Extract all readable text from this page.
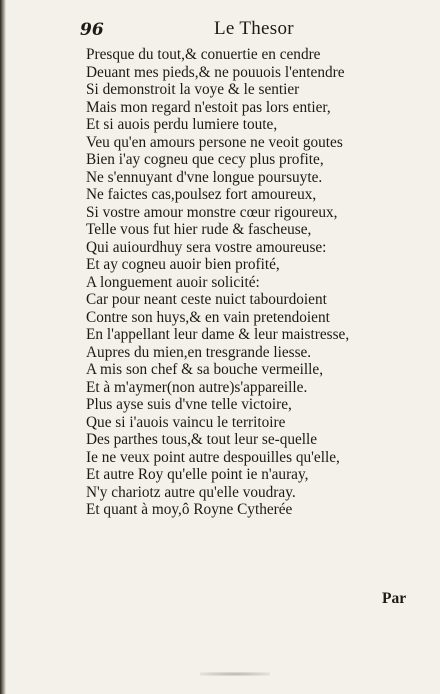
96	Le Thesor
Presque du tout,& conuertie en cendre
Deuant mes pieds,& ne pouuois l'entendre
Si demonstroit la voye & le sentier
Mais mon regard n'estoit pas lors entier,
Et si auois perdu lumiere toute,
Veu qu'en amours persone ne veoit goutes
Bien i'ay cogneu que cecy plus profite,
Ne s'ennuyant d'vne longue poursuyte.
Ne faictes cas,poulsez fort amoureux,
Si vostre amour monstre cœur rigoureux,
Telle vous fut hier rude & fascheuse,
Qui auiourdhuy sera vostre amoureuse:
Et ay cogneu auoir bien profité,
A longuement auoir solicité:
Car pour neant ceste nuict tabourdoient
Contre son huys,& en vain pretendoient
En l'appellant leur dame & leur maistresse,
Aupres du mien,en tresgrande liesse.
A mis son chef & sa bouche vermeille,
Et à m'aymer(non autre)s'appareille.
Plus ayse suis d'vne telle victoire,
Que si i'auois vaincu le territoire
Des parthes tous,& tout leur se-quelle
Ie ne veux point autre despouilles qu'elle,
Et autre Roy qu'elle point ie n'auray,
N'y chariotz autre qu'elle voudray.
Et quant à moy,ô Royne Cytherée
Par
